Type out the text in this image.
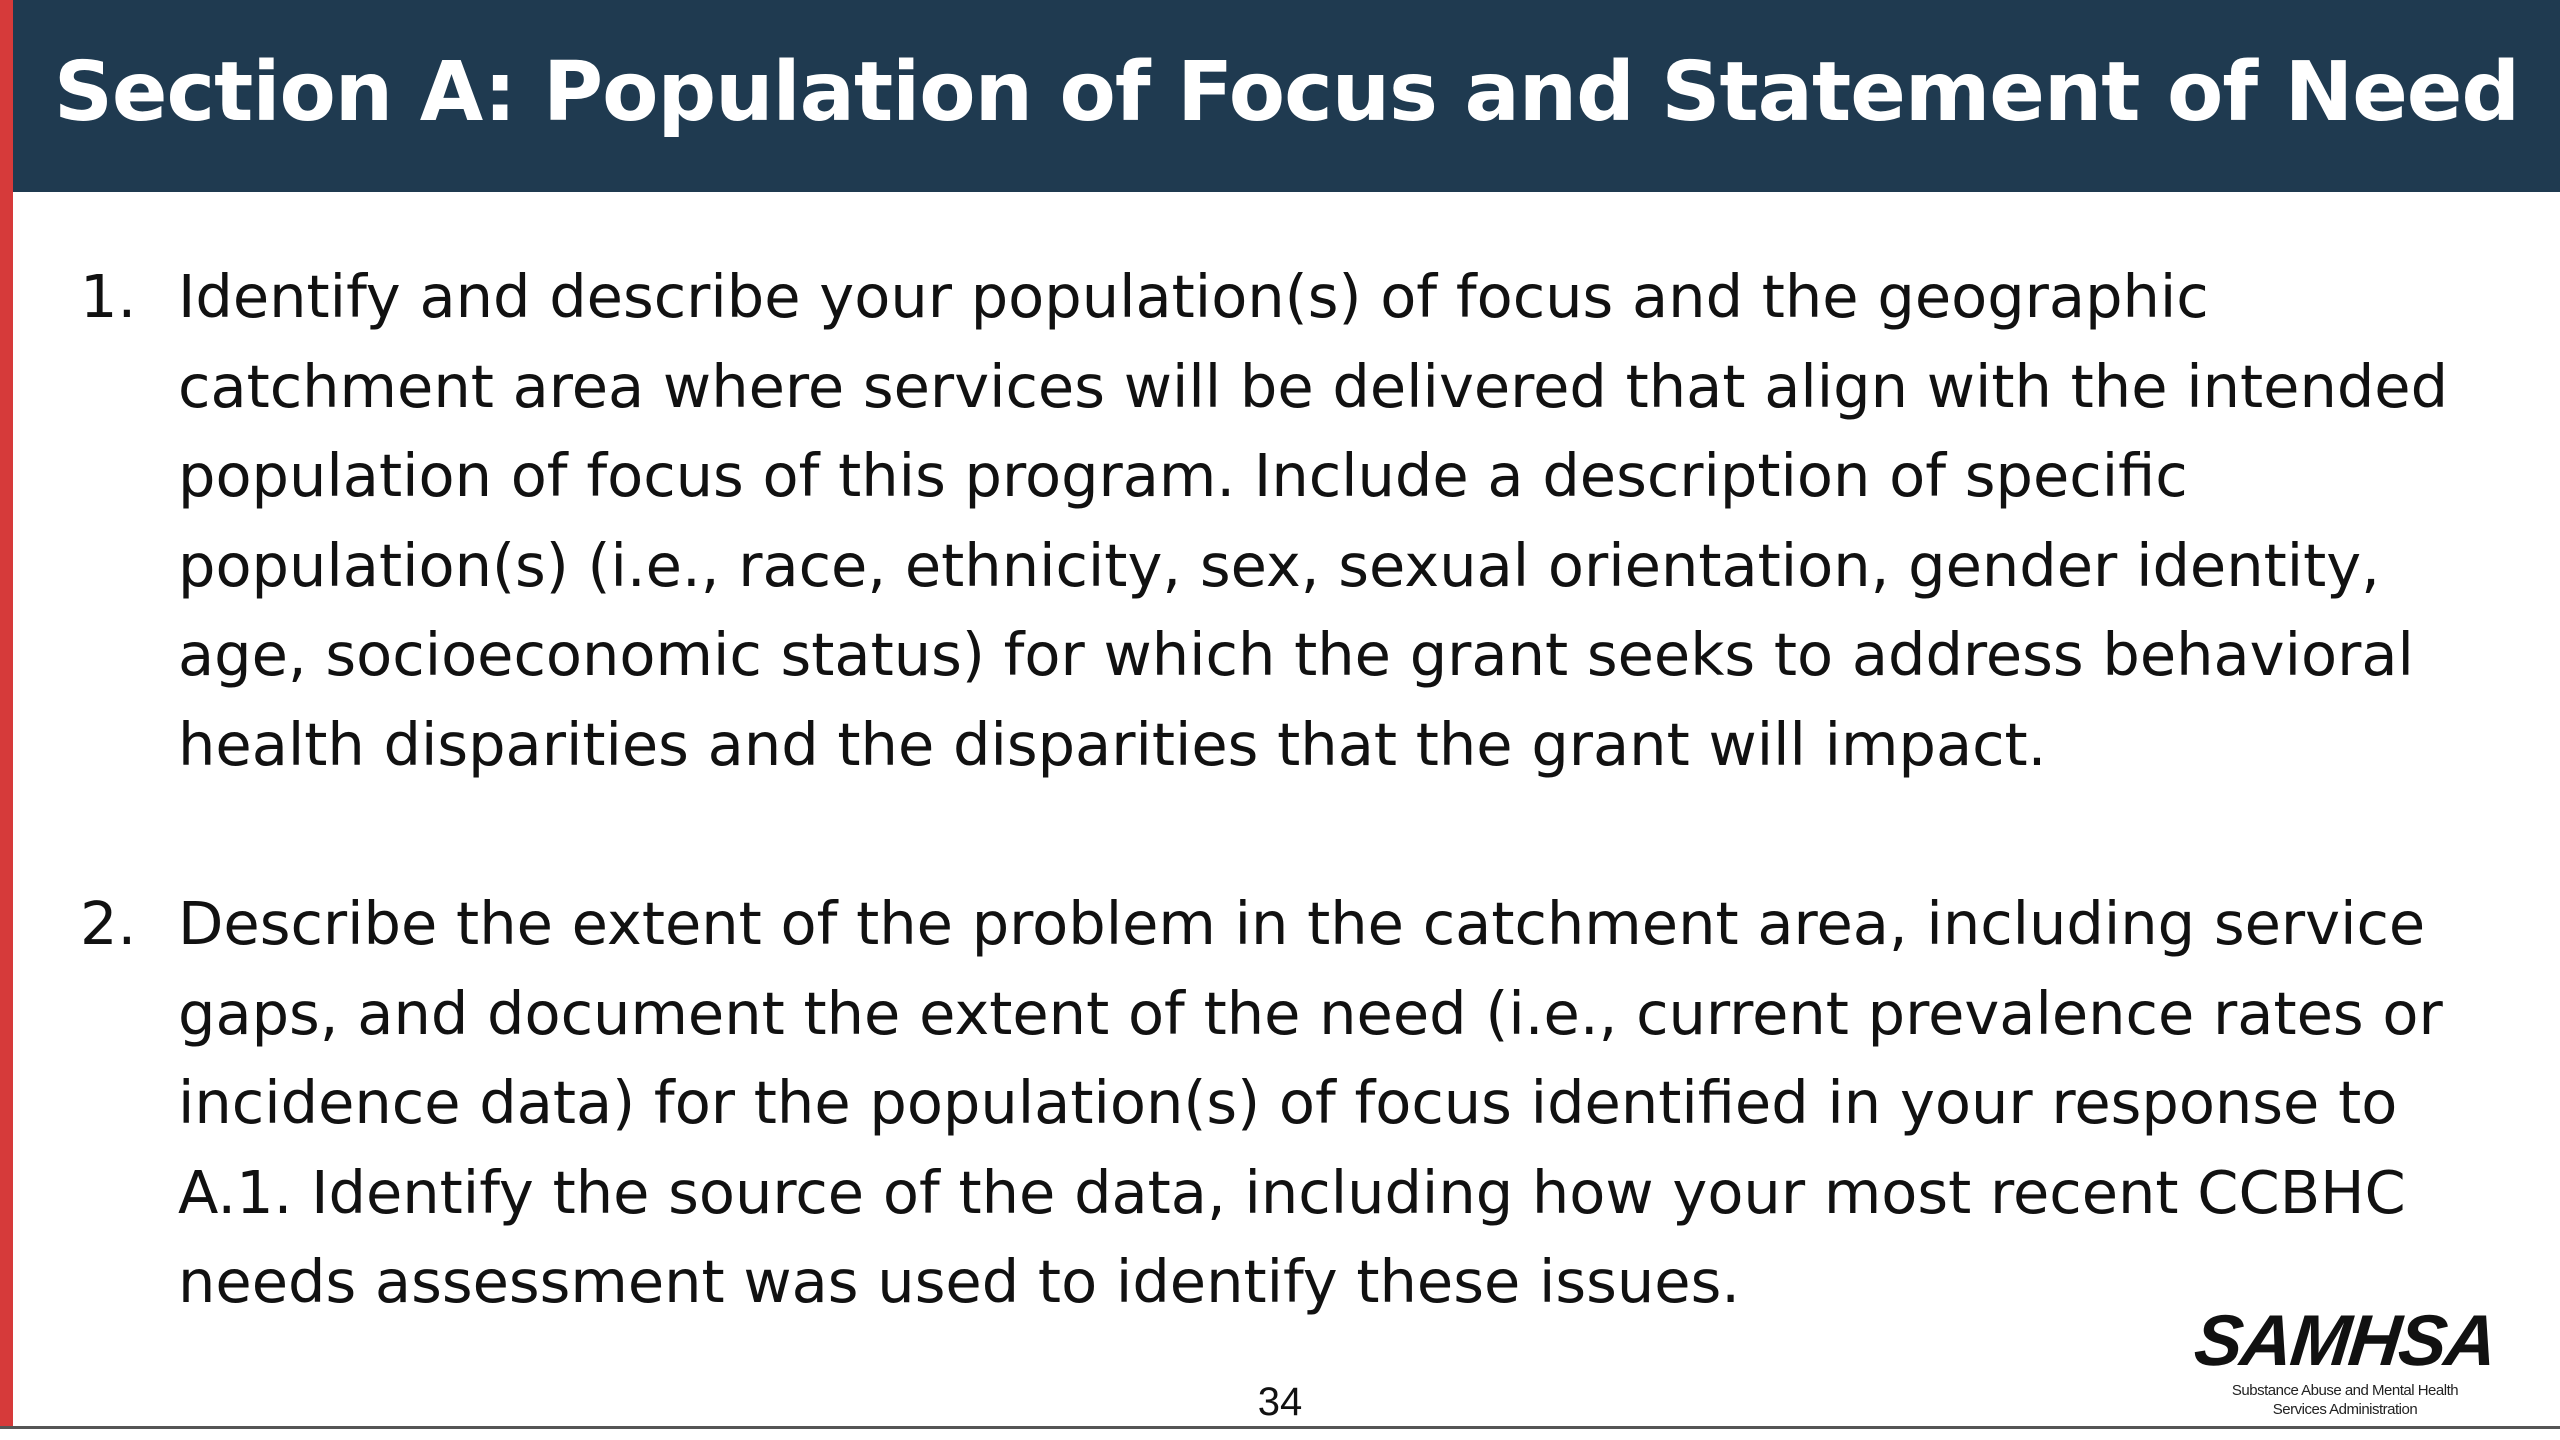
Section A: Population of Focus and Statement of Need
1. Identify and describe your population(s) of focus and the geographic catchment area where services will be delivered that align with the intended population of focus of this program. Include a description of specific population(s) (i.e., race, ethnicity, sex, sexual orientation, gender identity, age, socioeconomic status) for which the grant seeks to address behavioral health disparities and the disparities that the grant will impact.
2. Describe the extent of the problem in the catchment area, including service gaps, and document the extent of the need (i.e., current prevalence rates or incidence data) for the population(s) of focus identified in your response to A.1. Identify the source of the data, including how your most recent CCBHC needs assessment was used to identify these issues.
34
SAMHSA
Substance Abuse and Mental Health
Services Administration
